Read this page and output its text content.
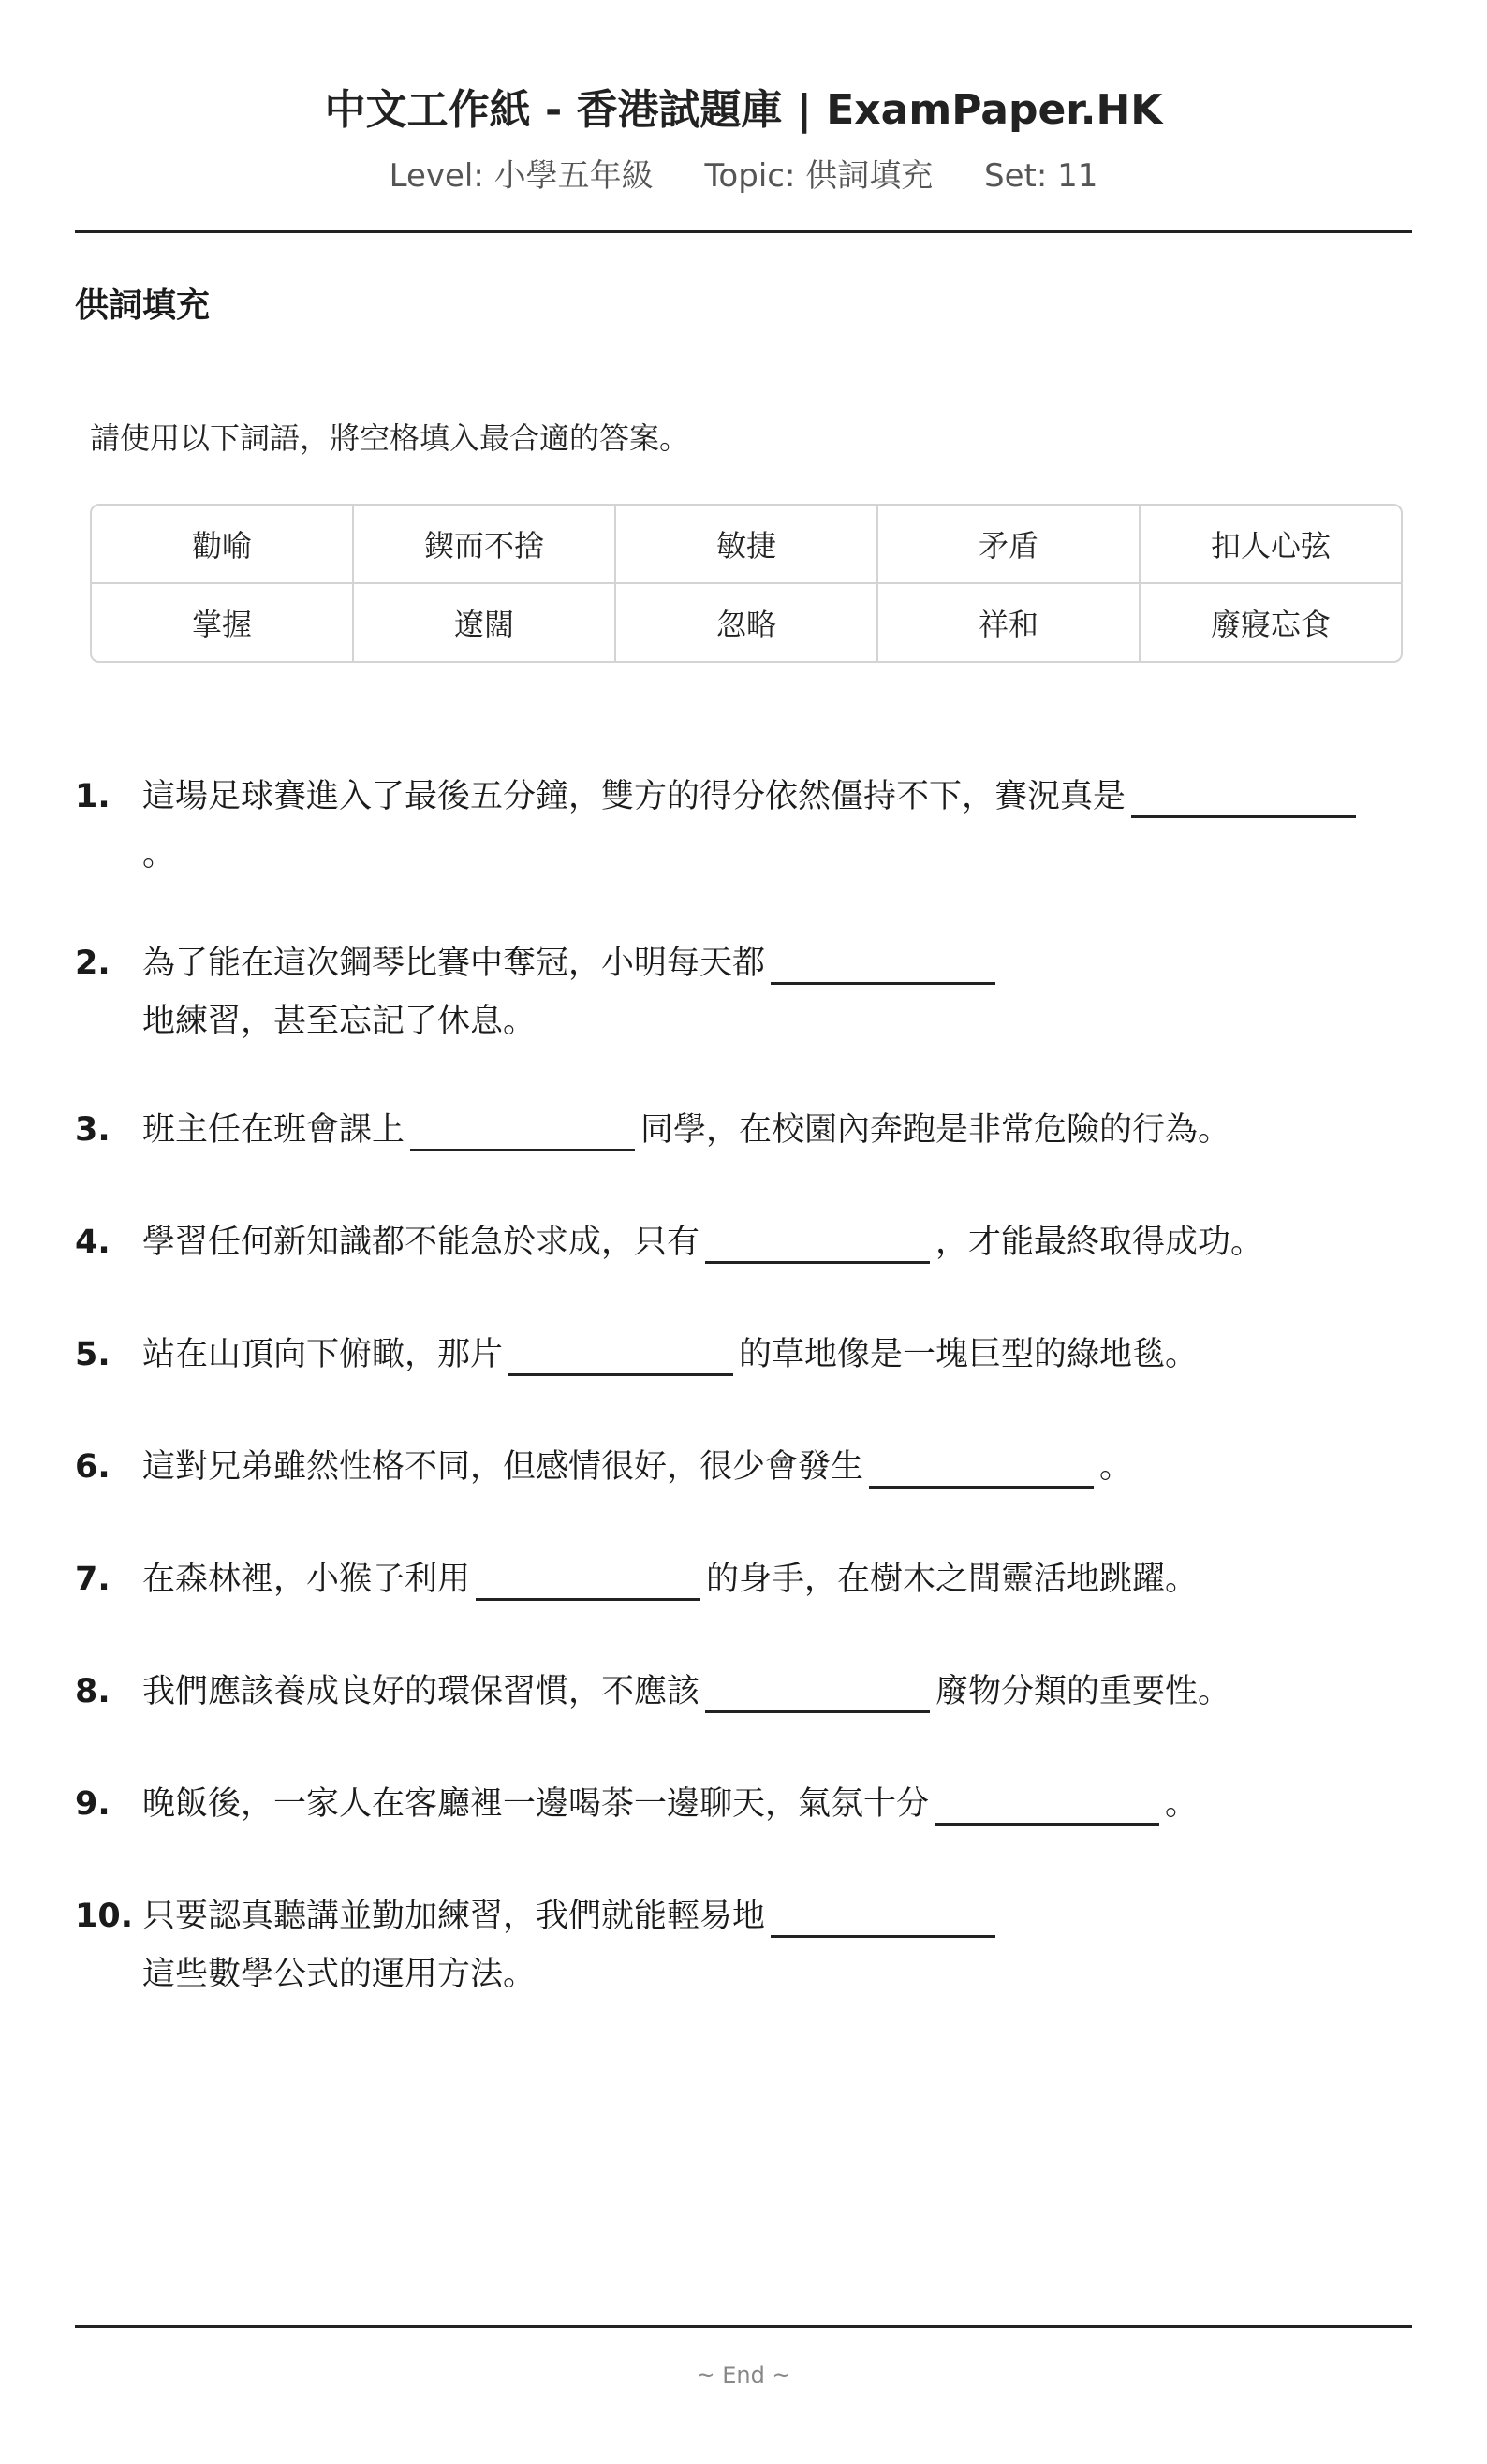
中文工作紙 - 香港試題庫 | ExamPaper.HK
Level: 小學五年級 Topic: 供詞填充 Set: 11
供詞填充
請使用以下詞語，將空格填入最合適的答案。
勸喻	鍥而不捨	敏捷	矛盾	扣人心弦
掌握	遼闊	忽略	祥和	廢寢忘食
1. 這場足球賽進入了最後五分鐘，雙方的得分依然僵持不下，賽況真是
。
2. 為了能在這次鋼琴比賽中奪冠，小明每天都
地練習，甚至忘記了休息。
3. 班主任在班會課上	同學，在校園內奔跑是非常危險的行為。
4. 學習任何新知識都不能急於求成，只有	，才能最終取得成功。
5. 站在山頂向下俯瞰，那片	的草地像是一塊巨型的綠地毯。
6. 這對兄弟雖然性格不同，但感情很好，很少會發生	。
7. 在森林裡，小猴子利用	的身手，在樹木之間靈活地跳躍。
8. 我們應該養成良好的環保習慣，不應該	廢物分類的重要性。
9. 晚飯後，一家人在客廳裡一邊喝茶一邊聊天，氣氛十分	。
10. 只要認真聽講並勤加練習，我們就能輕易地
這些數學公式的運用方法。
~ End ~
